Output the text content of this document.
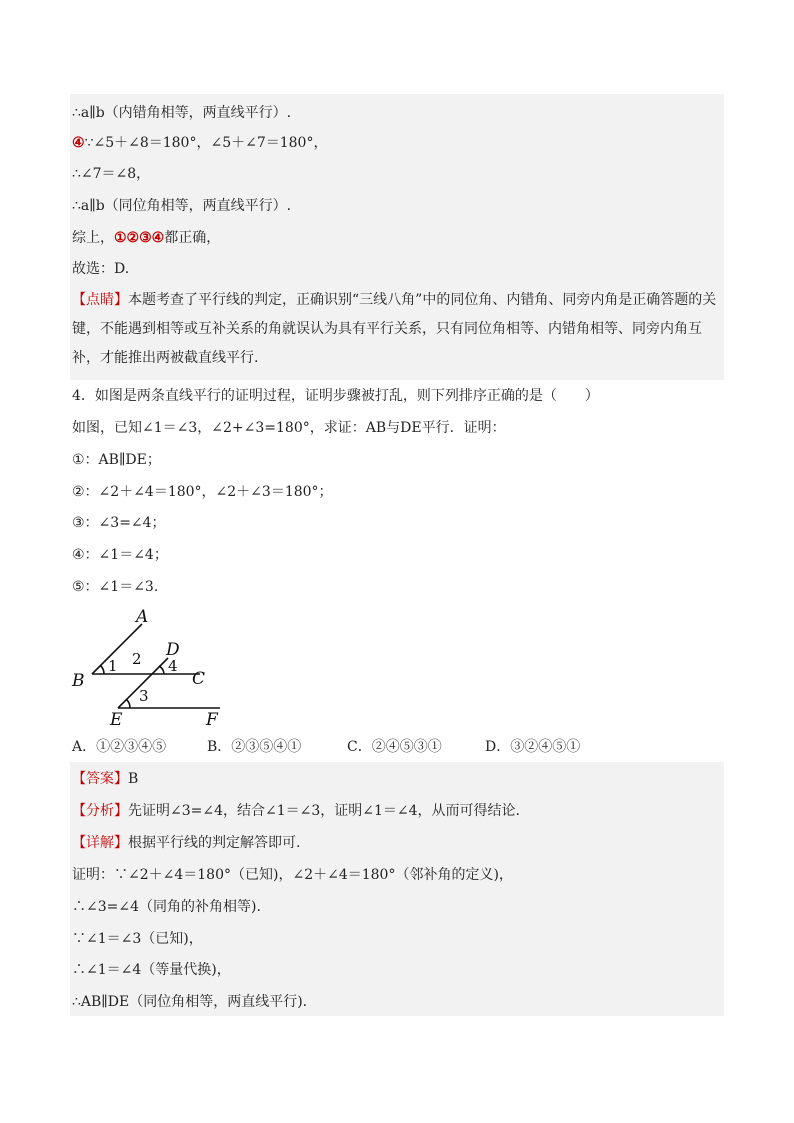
∴a∥b（内错角相等，两直线平行）.
④∵∠5＋∠8＝180°，∠5＋∠7＝180°，
∴∠7＝∠8，
∴a∥b（同位角相等，两直线平行）.
综上，①②③④都正确，
故选：D.
【点睛】本题考查了平行线的判定，正确识别“三线八角”中的同位角、内错角、同旁内角是正确答题的关键，不能遇到相等或互补关系的角就误认为具有平行关系，只有同位角相等、内错角相等、同旁内角互补，才能推出两被截直线平行.
4．如图是两条直线平行的证明过程，证明步骤被打乱，则下列排序正确的是（　　）
如图，已知∠1＝∠3，∠2+∠3=180°，求证：AB与DE平行．证明：
①：AB∥DE；
②：∠2＋∠4＝180°，∠2＋∠3＝180°；
③：∠3=∠4；
④：∠1＝∠4；
⑤：∠1＝∠3.
A
B	C
D
E	F
1 2 4
3
A．①②③④⑤	B．②③⑤④①	C．②④⑤③①	D．③②④⑤①
【答案】B
【分析】先证明∠3=∠4，结合∠1＝∠3，证明∠1＝∠4，从而可得结论.
【详解】根据平行线的判定解答即可.
证明：∵∠2＋∠4＝180°（已知)，∠2＋∠4＝180°（邻补角的定义)，
∴∠3=∠4（同角的补角相等).
∵∠1＝∠3（已知)，
∴∠1＝∠4（等量代换)，
∴AB∥DE（同位角相等，两直线平行).
